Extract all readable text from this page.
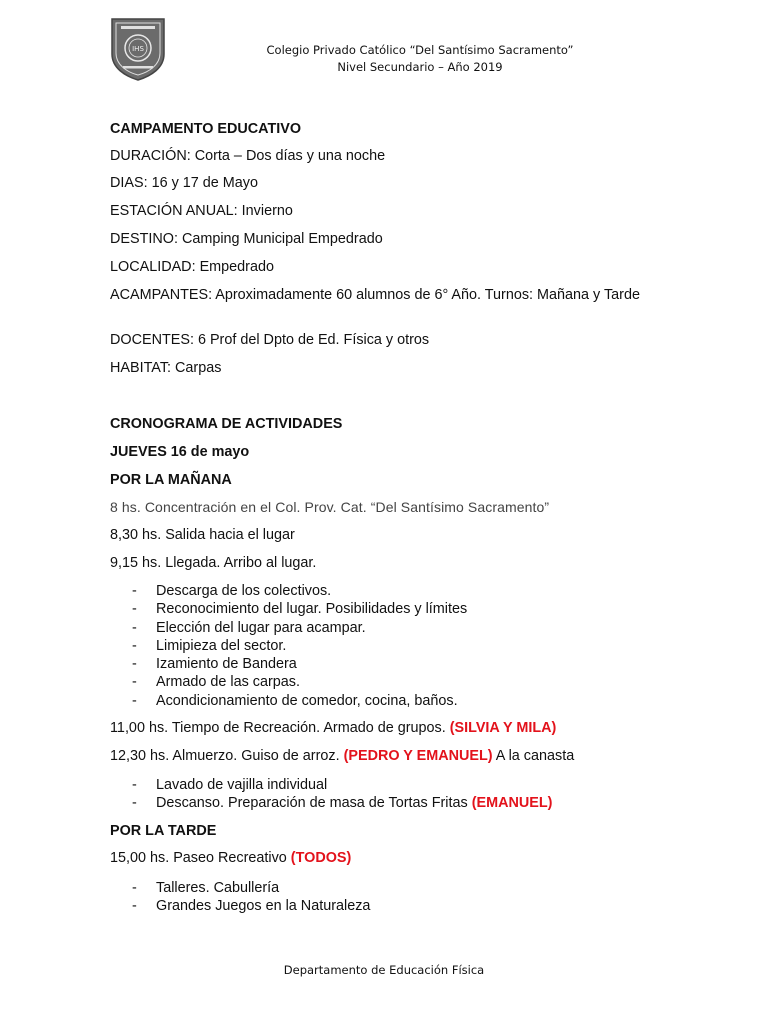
IHS	Colegio Privado Católico “Del Santísimo Sacramento”
Nivel Secundario – Año 2019
CAMPAMENTO EDUCATIVO
DURACIÓN: Corta – Dos días y una noche
DIAS: 16 y 17 de Mayo
ESTACIÓN ANUAL: Invierno
DESTINO: Camping Municipal Empedrado
LOCALIDAD: Empedrado
ACAMPANTES: Aproximadamente 60 alumnos de 6° Año. Turnos: Mañana y Tarde
DOCENTES: 6 Prof del Dpto de Ed. Física y otros
HABITAT: Carpas
CRONOGRAMA DE ACTIVIDADES
JUEVES 16 de mayo
POR LA MAÑANA
8 hs. Concentración en el Col. Prov. Cat. “Del Santísimo Sacramento”
8,30 hs. Salida hacia el lugar
9,15 hs. Llegada. Arribo al lugar.
- Descarga de los colectivos.
- Reconocimiento del lugar. Posibilidades y límites
- Elección del lugar para acampar.
- Limipieza del sector.
- Izamiento de Bandera
- Armado de las carpas.
- Acondicionamiento de comedor, cocina, baños.
11,00 hs. Tiempo de Recreación. Armado de grupos. (SILVIA Y MILA)
12,30 hs. Almuerzo. Guiso de arroz. (PEDRO Y EMANUEL) A la canasta
- Lavado de vajilla individual
- Descanso. Preparación de masa de Tortas Fritas (EMANUEL)
POR LA TARDE
15,00 hs. Paseo Recreativo (TODOS)
- Talleres. Cabullería
- Grandes Juegos en la Naturaleza
Departamento de Educación Física
